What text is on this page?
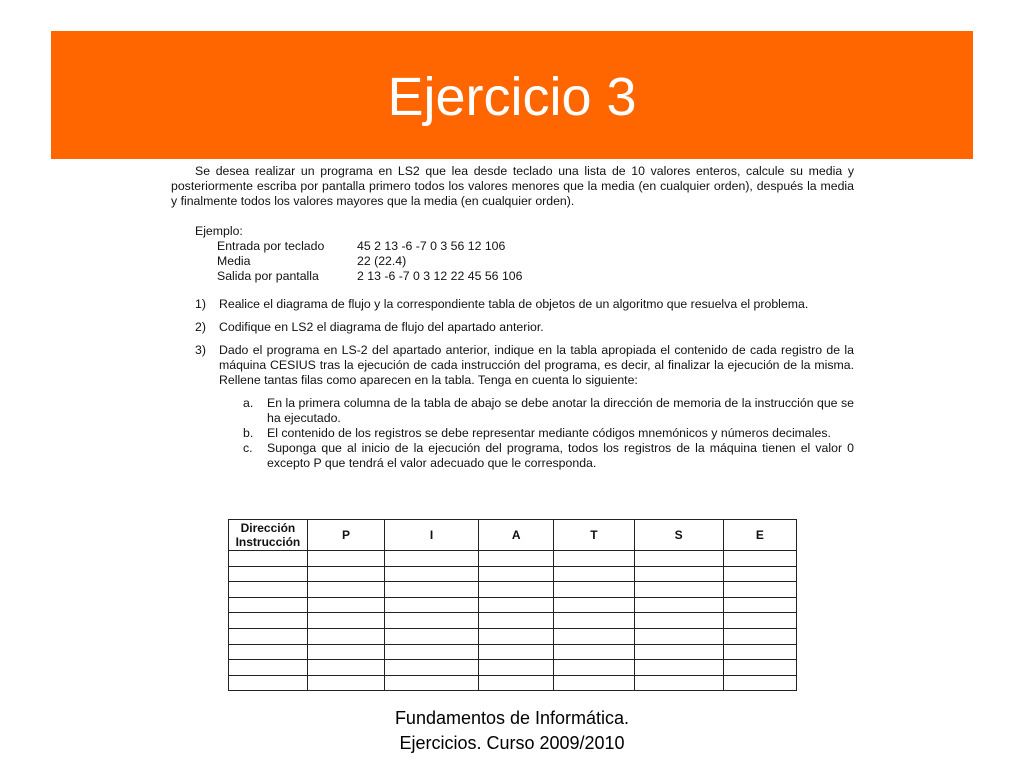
Ejercicio 3

Se desea realizar un programa en LS2 que lea desde teclado una lista de 10 valores enteros, calcule su media y posteriormente escriba por pantalla primero todos los valores menores que la media (en cualquier orden), después la media y finalmente todos los valores mayores que la media (en cualquier orden).

Ejemplo:
Entrada por teclado	45 2 13 -6 -7 0 3 56 12 106
Media	22 (22.4)
Salida por pantalla	2 13 -6 -7 0 3 12 22 45 56 106
1)	Realice el diagrama de flujo y la correspondiente tabla de objetos de un algoritmo que resuelva el problema.
2)	Codifique en LS2 el diagrama de flujo del apartado anterior.
3)	Dado el programa en LS-2 del apartado anterior, indique en la tabla apropiada el contenido de cada registro de la máquina CESIUS tras la ejecución de cada instrucción del programa, es decir, al finalizar la ejecución de la misma. Rellene tantas filas como aparecen en la tabla. Tenga en cuenta lo siguiente:
a.	En la primera columna de la tabla de abajo se debe anotar la dirección de memoria de la instrucción que se ha ejecutado.
b.	El contenido de los registros se debe representar mediante códigos mnemónicos y números decimales.
c.	Suponga que al inicio de la ejecución del programa, todos los registros de la máquina tienen el valor 0 excepto P que tendrá el valor adecuado que le corresponda.
Dirección
Instrucción	P	I	A	T	S	E

Fundamentos de Informática.
Ejercicios. Curso 2009/2010
